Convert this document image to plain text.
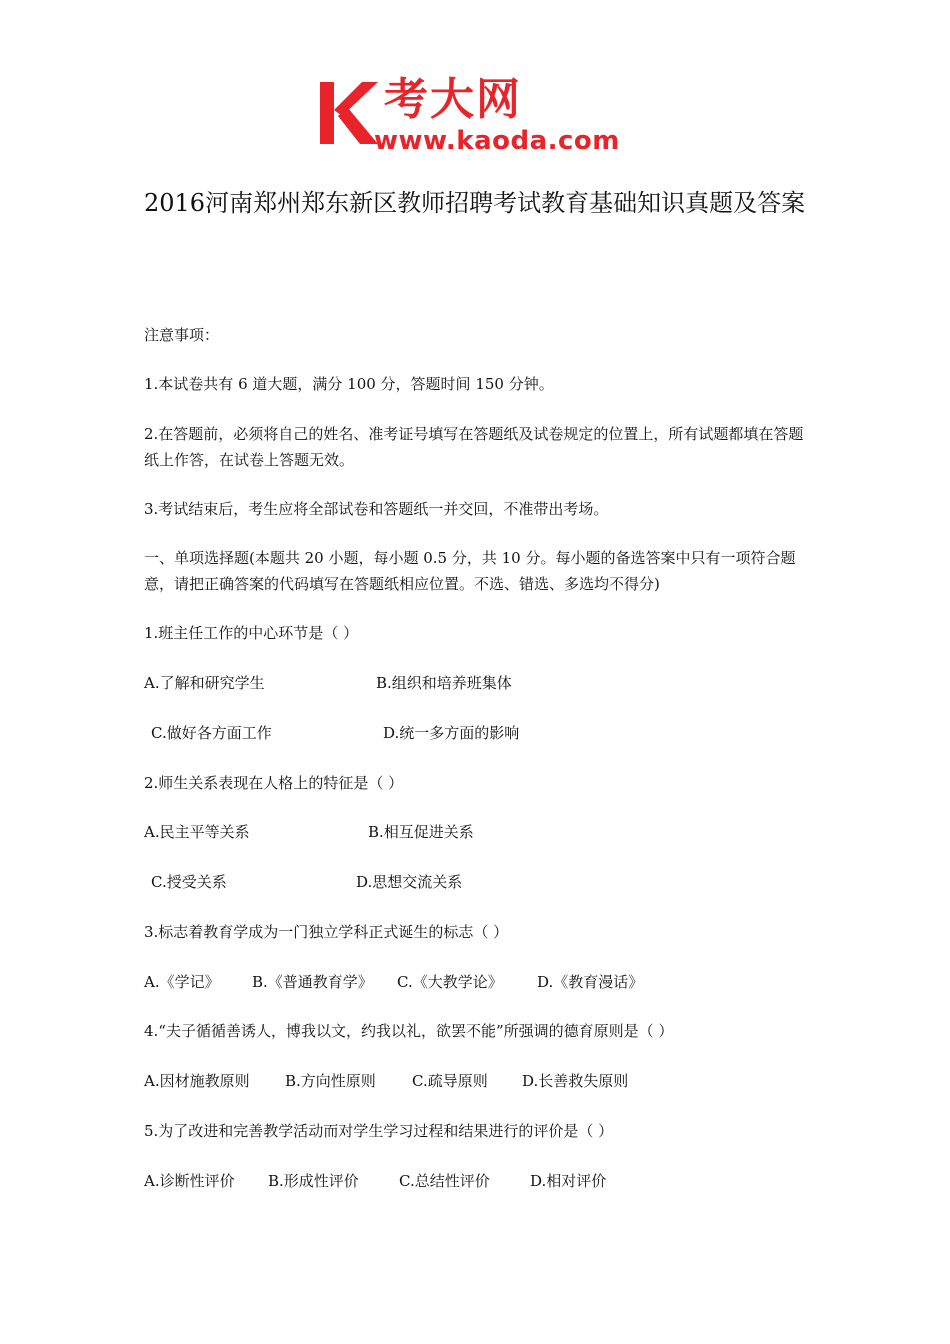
考大网
www.kaoda.com
2016河南郑州郑东新区教师招聘考试教育基础知识真题及答案
注意事项：
1.本试卷共有 6 道大题，满分 100 分，答题时间 150 分钟。
2.在答题前，必须将自己的姓名、准考证号填写在答题纸及试卷规定的位置上，所有试题都填在答题纸上作答，在试卷上答题无效。
3.考试结束后，考生应将全部试卷和答题纸一并交回，不准带出考场。
一、单项选择题(本题共 20 小题，每小题 0.5 分，共 10 分。每小题的备选答案中只有一项符合题意，请把正确答案的代码填写在答题纸相应位置。不选、错选、多选均不得分)
1.班主任工作的中心环节是（ ）
A.了解和研究学生	B.组织和培养班集体
C.做好各方面工作	D.统一多方面的影响
2.师生关系表现在人格上的特征是（ ）
A.民主平等关系	B.相互促进关系
C.授受关系	D.思想交流关系
3.标志着教育学成为一门独立学科正式诞生的标志（ ）
A.《学记》 B.《普通教育学》 C.《大教学论》 D.《教育漫话》
4.“夫子循循善诱人，博我以文，约我以礼，欲罢不能”所强调的德育原则是（ ）
A.因材施教原则 B.方向性原则 C.疏导原则 D.长善救失原则
5.为了改进和完善教学活动而对学生学习过程和结果进行的评价是（ ）
A.诊断性评价 B.形成性评价	C.总结性评价	D.相对评价
